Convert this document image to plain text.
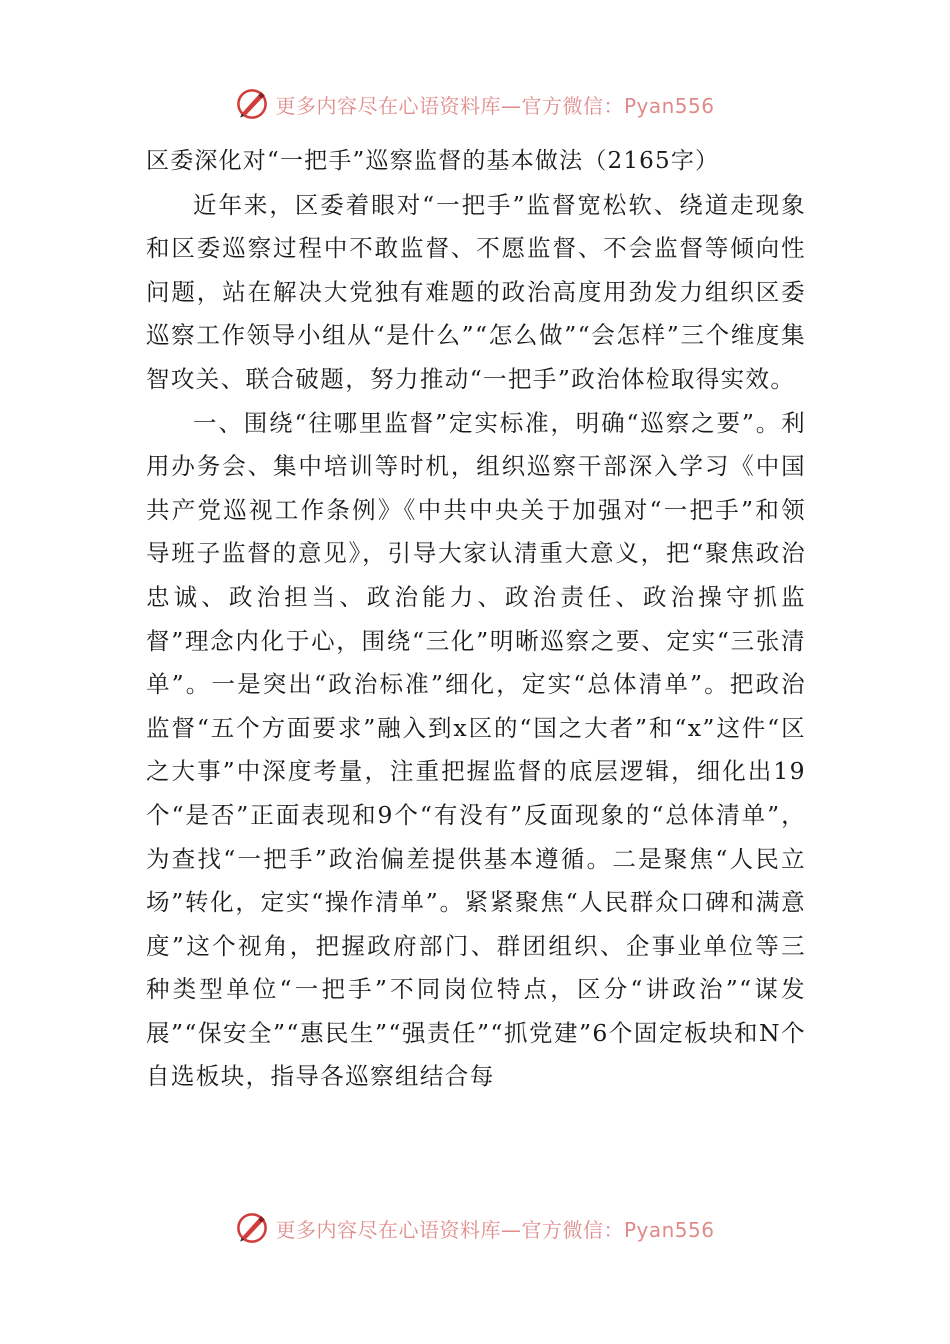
更多内容尽在心语资料库—官方微信：Pyan556

区委深化对“一把手”巡察监督的基本做法（2165字）

近年来，区委着眼对“一把手”监督宽松软、绕道走现象和区委巡察过程中不敢监督、不愿监督、不会监督等倾向性问题，站在解决大党独有难题的政治高度用劲发力组织区委巡察工作领导小组从“是什么”“怎么做”“会怎样”三个维度集智攻关、联合破题，努力推动“一把手”政治体检取得实效。

一、围绕“往哪里监督”定实标准，明确“巡察之要”。利用办务会、集中培训等时机，组织巡察干部深入学习《中国共产党巡视工作条例》《中共中央关于加强对“一把手”和领导班子监督的意见》，引导大家认清重大意义，把“聚焦政治忠诚、政治担当、政治能力、政治责任、政治操守抓监督”理念内化于心，围绕“三化”明晰巡察之要、定实“三张清单”。一是突出“政治标准”细化，定实“总体清单”。把政治监督“五个方面要求”融入到x区的“国之大者”和“x”这件“区之大事”中深度考量，注重把握监督的底层逻辑，细化出19个“是否”正面表现和9个“有没有”反面现象的“总体清单”，为查找“一把手”政治偏差提供基本遵循。二是聚焦“人民立场”转化，定实“操作清单”。紧紧聚焦“人民群众口碑和满意度”这个视角，把握政府部门、群团组织、企事业单位等三种类型单位“一把手”不同岗位特点，区分“讲政治”“谋发展”“保安全”“惠民生”“强责任”“抓党建”6个固定板块和N个自选板块，指导各巡察组结合每

更多内容尽在心语资料库—官方微信：Pyan556
